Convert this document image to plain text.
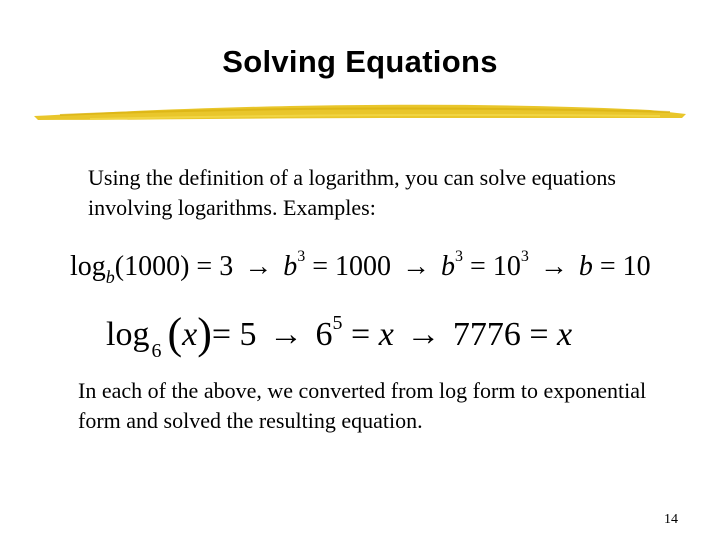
Solving Equations
Using the definition of a logarithm, you can solve equations involving logarithms. Examples:
$\log_b(1000) = 3 \to b^3 = 1000 \to b^3 = 10^3 \to b = 10$
log $_6$ $(x)= 5 \to 6^5 = x \to 7776 = x$
In each of the above, we converted from log form to exponential form and solved the resulting equation.
14
